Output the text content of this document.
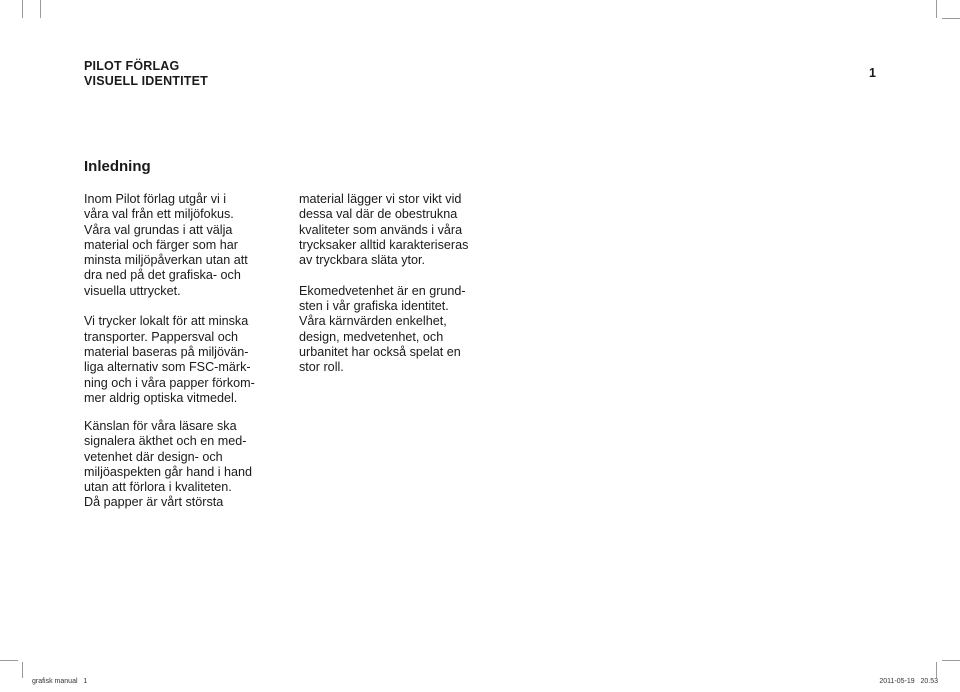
PILOT FÖRLAG
VISUELL IDENTITET
1
Inledning

Inom Pilot förlag utgår vi i
våra val från ett miljöfokus.
Våra val grundas i att välja
material och färger som har
minsta miljöpåverkan utan att
dra ned på det grafiska- och
visuella uttrycket.

Vi trycker lokalt för att minska
transporter. Pappersval och
material baseras på miljövän-
liga alternativ som FSC-märk-
ning och i våra papper förkom-
mer aldrig optiska vitmedel.

material lägger vi stor vikt vid
dessa val där de obestrukna
kvaliteter som används i våra
trycksaker alltid karakteriseras
av tryckbara släta ytor.

Ekomedvetenhet är en grund-
sten i vår grafiska identitet.
Våra kärnvärden enkelhet,
design, medvetenhet, och
urbanitet har också spelat en
stor roll.

Känslan för våra läsare ska
signalera äkthet och en med-
vetenhet där design- och
miljöaspekten går hand i hand
utan att förlora i kvaliteten.
Då papper är vårt största

grafisk manual   1	2011-05-19   20.53
